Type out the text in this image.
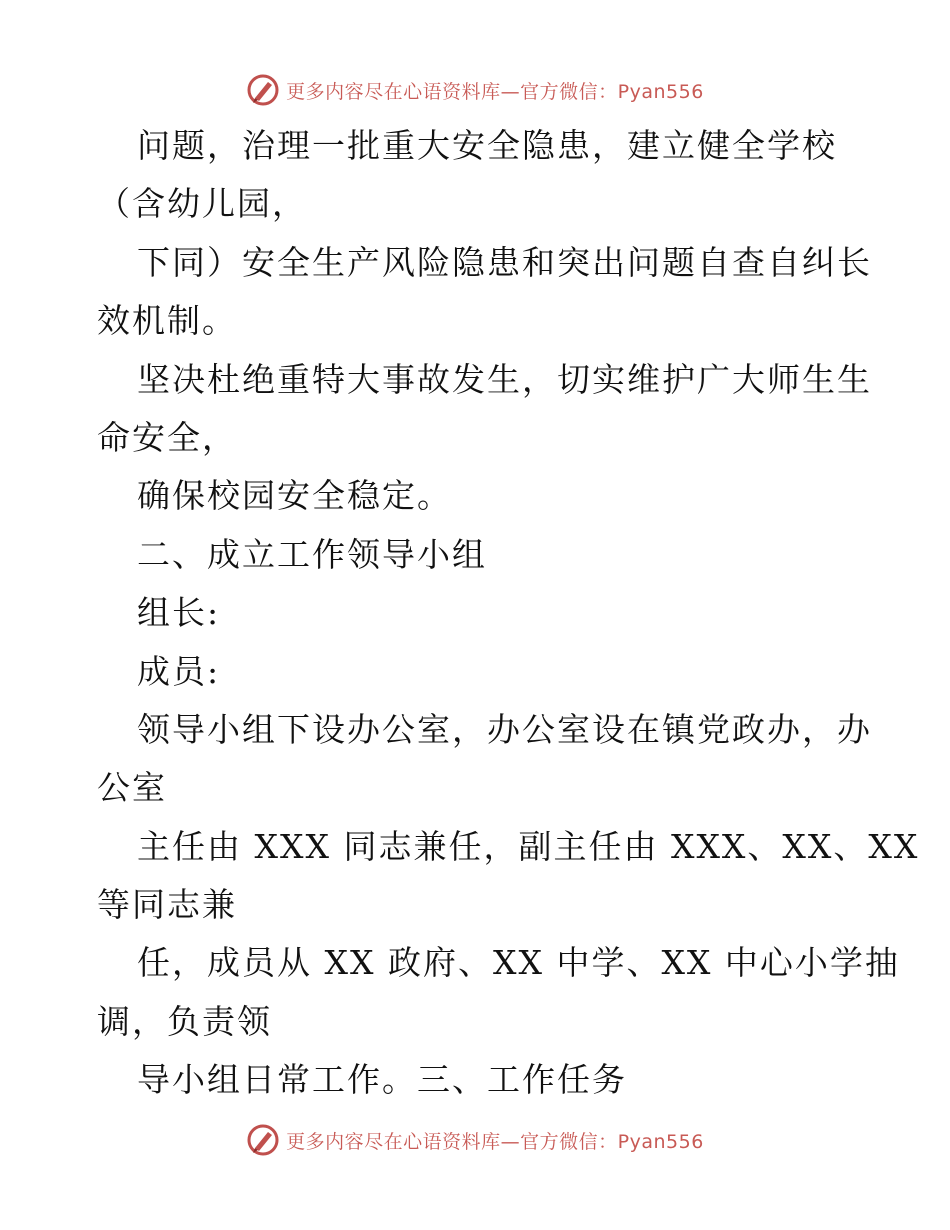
更多内容尽在心语资料库—官方微信：Pyan556
问题，治理一批重大安全隐患，建立健全学校
（含幼儿园，
下同）安全生产风险隐患和突出问题自查自纠长
效机制。
坚决杜绝重特大事故发生，切实维护广大师生生
命安全，
确保校园安全稳定。
二、成立工作领导小组
组长:
成员:
领导小组下设办公室，办公室设在镇党政办，办
公室
主任由 XXX 同志兼任，副主任由 XXX、XX、XX
等同志兼
任，成员从 XX 政府、XX 中学、XX 中心小学抽
调，负责领
导小组日常工作。三、工作任务
更多内容尽在心语资料库—官方微信：Pyan556
